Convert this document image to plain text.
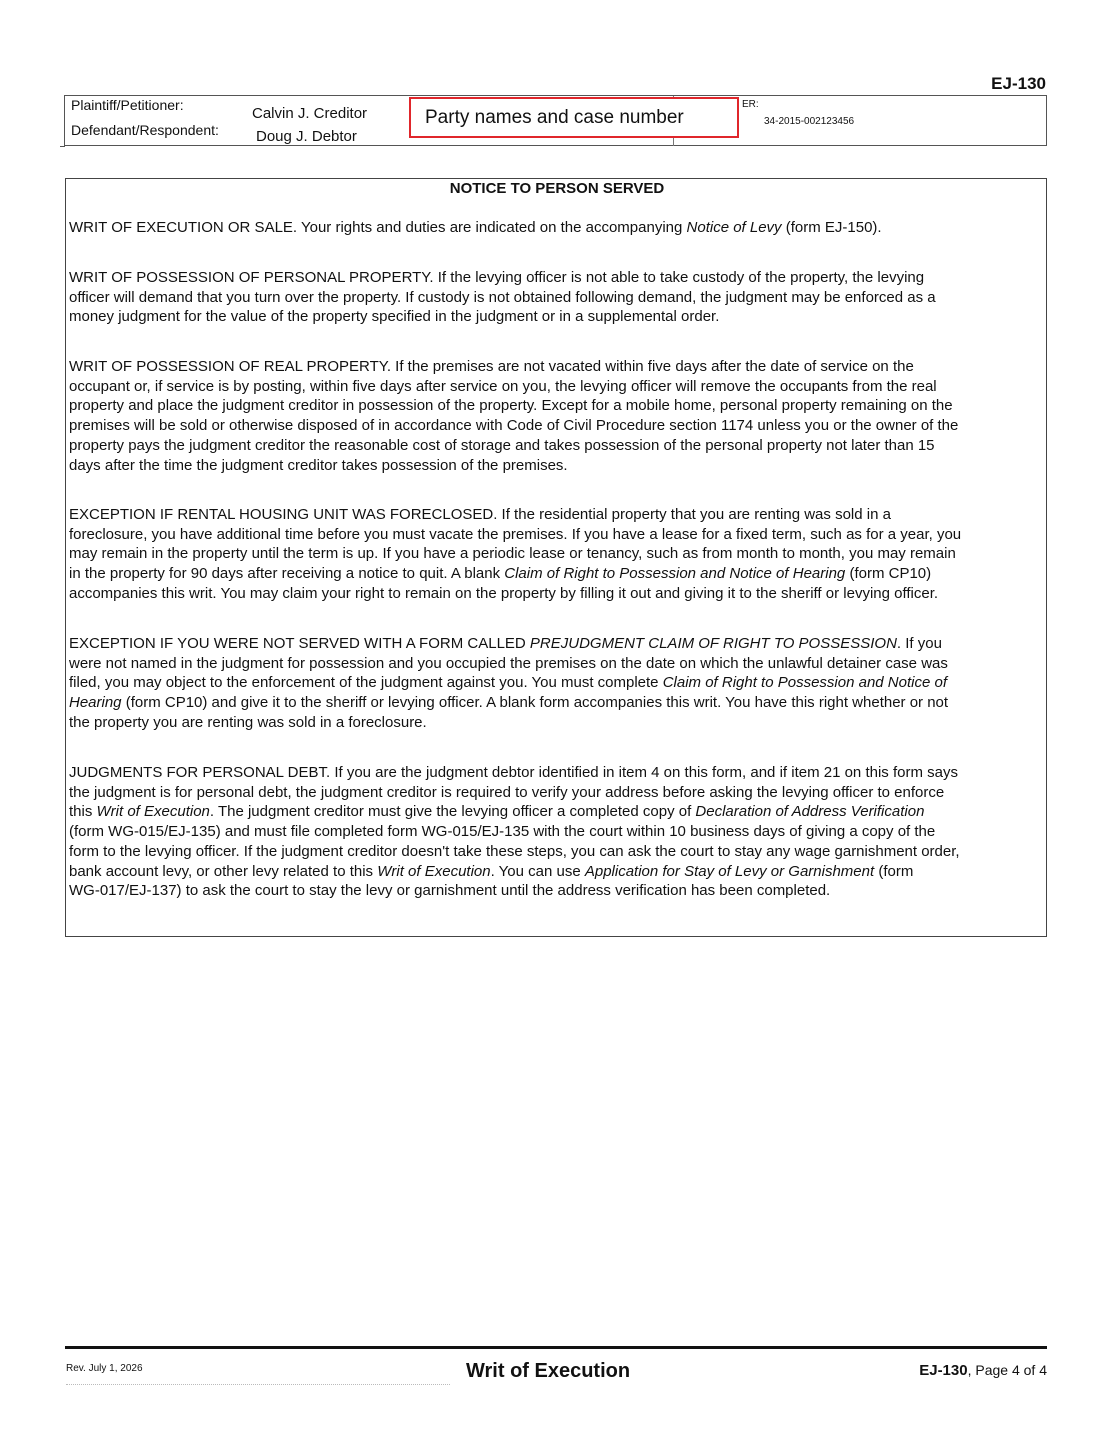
EJ-130
Plaintiff/Petitioner:	Calvin J. Creditor
Defendant/Respondent: Doug J. Debtor
Party names and case number
ER:
34-2015-002123456
NOTICE TO PERSON SERVED
WRIT OF EXECUTION OR SALE. Your rights and duties are indicated on the accompanying Notice of Levy (form EJ-150).
WRIT OF POSSESSION OF PERSONAL PROPERTY. If the levying officer is not able to take custody of the property, the levying
officer will demand that you turn over the property. If custody is not obtained following demand, the judgment may be enforced as a
money judgment for the value of the property specified in the judgment or in a supplemental order.
WRIT OF POSSESSION OF REAL PROPERTY. If the premises are not vacated within five days after the date of service on the
occupant or, if service is by posting, within five days after service on you, the levying officer will remove the occupants from the real
property and place the judgment creditor in possession of the property. Except for a mobile home, personal property remaining on the
premises will be sold or otherwise disposed of in accordance with Code of Civil Procedure section 1174 unless you or the owner of the
property pays the judgment creditor the reasonable cost of storage and takes possession of the personal property not later than 15
days after the time the judgment creditor takes possession of the premises.
EXCEPTION IF RENTAL HOUSING UNIT WAS FORECLOSED. If the residential property that you are renting was sold in a
foreclosure, you have additional time before you must vacate the premises. If you have a lease for a fixed term, such as for a year, you
may remain in the property until the term is up. If you have a periodic lease or tenancy, such as from month to month, you may remain
in the property for 90 days after receiving a notice to quit. A blank Claim of Right to Possession and Notice of Hearing (form CP10)
accompanies this writ. You may claim your right to remain on the property by filling it out and giving it to the sheriff or levying officer.
EXCEPTION IF YOU WERE NOT SERVED WITH A FORM CALLED PREJUDGMENT CLAIM OF RIGHT TO POSSESSION. If you
were not named in the judgment for possession and you occupied the premises on the date on which the unlawful detainer case was
filed, you may object to the enforcement of the judgment against you. You must complete Claim of Right to Possession and Notice of
Hearing (form CP10) and give it to the sheriff or levying officer. A blank form accompanies this writ. You have this right whether or not
the property you are renting was sold in a foreclosure.
JUDGMENTS FOR PERSONAL DEBT. If you are the judgment debtor identified in item 4 on this form, and if item 21 on this form says
the judgment is for personal debt, the judgment creditor is required to verify your address before asking the levying officer to enforce
this Writ of Execution. The judgment creditor must give the levying officer a completed copy of Declaration of Address Verification
(form WG-015/EJ-135) and must file completed form WG-015/EJ-135 with the court within 10 business days of giving a copy of the
form to the levying officer. If the judgment creditor doesn't take these steps, you can ask the court to stay any wage garnishment order,
bank account levy, or other levy related to this Writ of Execution. You can use Application for Stay of Levy or Garnishment (form
WG-017/EJ-137) to ask the court to stay the levy or garnishment until the address verification has been completed.
Rev. July 1, 2026	Writ of Execution	EJ-130, Page 4 of 4
